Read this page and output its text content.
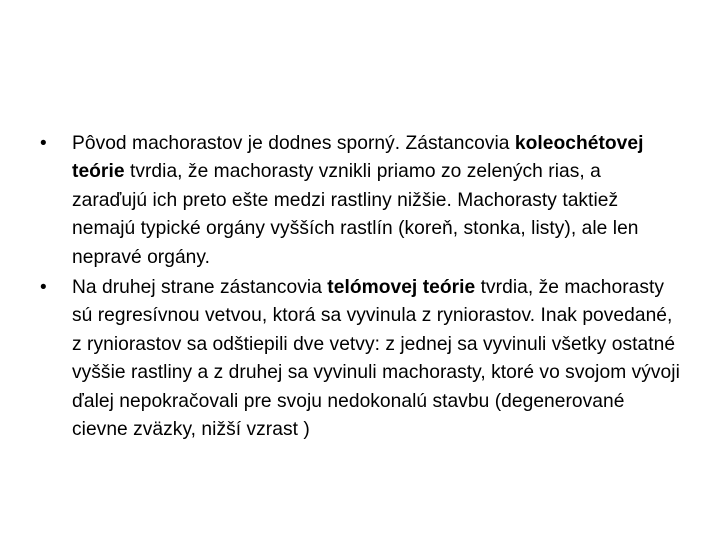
•	Pôvod machorastov je dodnes sporný. Zástancovia koleochétovej teórie tvrdia, že machorasty vznikli priamo zo zelených rias, a zaraďujú ich preto ešte medzi rastliny nižšie. Machorasty taktiež nemajú typické orgány vyšších rastlín (koreň, stonka, listy), ale len nepravé orgány.
•	Na druhej strane zástancovia telómovej teórie tvrdia, že machorasty sú regresívnou vetvou, ktorá sa vyvinula z ryniorastov. Inak povedané, z ryniorastov sa odštiepili dve vetvy: z jednej sa vyvinuli všetky ostatné vyššie rastliny a z druhej sa vyvinuli machorasty, ktoré vo svojom vývoji ďalej nepokračovali pre svoju nedokonalú stavbu (degenerované cievne zväzky, nižší vzrast )
